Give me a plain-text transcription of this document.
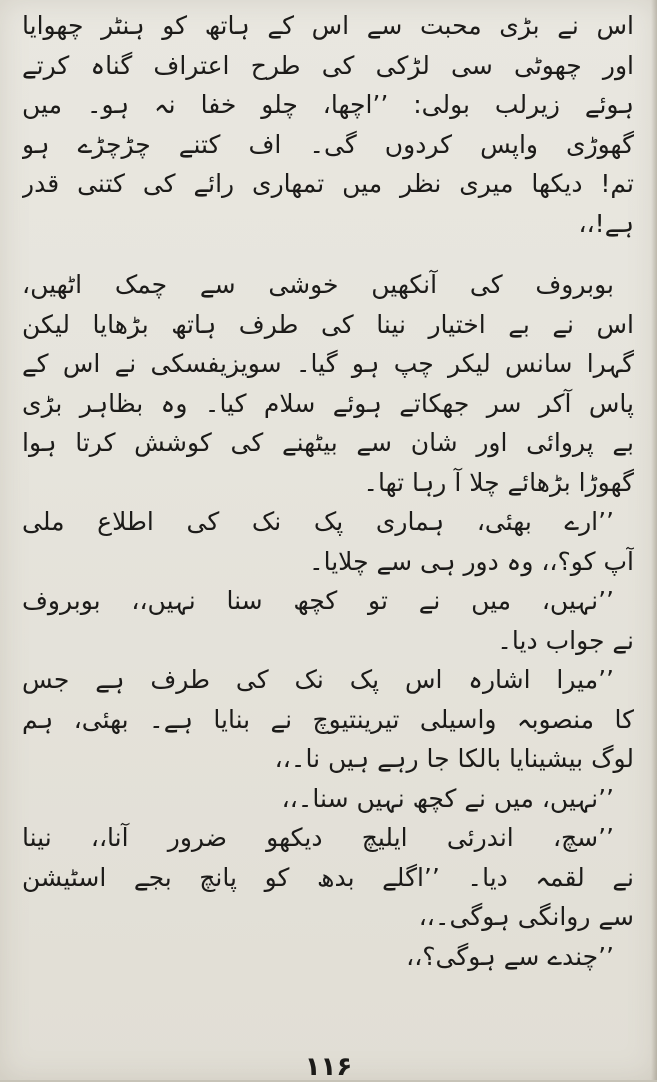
اس نے بڑی محبت سے اس کے ہاتھ کو ہنٹر چھوایا
اور چھوٹی سی لڑکی کی طرح اعتراف گناہ کرتے
ہوئے زیرلب بولی: ’’اچھا، چلو خفا نہ ہو۔ میں
گھوڑی واپس کردوں گی۔ اف کتنے چڑچڑے ہو
تم! دیکھا میری نظر میں تمھاری رائے کی کتنی قدر
ہے!،،
بوبروف کی آنکھیں خوشی سے چمک اٹھیں،
اس نے بے اختیار نینا کی طرف ہاتھ بڑھایا لیکن
گہرا سانس لیکر چپ ہو گیا۔ سویزیفسکی نے اس کے
پاس آکر سر جھکاتے ہوئے سلام کیا۔ وہ بظاہر بڑی
بے پروائی اور شان سے بیٹھنے کی کوشش کرتا ہوا
گھوڑا بڑھائے چلا آ رہا تھا۔
’’ارے بھئی، ہماری پک نک کی اطلاع ملی
آپ کو؟،، وہ دور ہی سے چلایا۔
’’نہیں، میں نے تو کچھ سنا نہیں،، بوبروف
نے جواب دیا۔
’’میرا اشارہ اس پک نک کی طرف ہے جس
کا منصوبہ واسیلی تیرینتیوچ نے بنایا ہے۔ بھئی، ہم
لوگ بیشینایا بالکا جا رہے ہیں نا۔،،
’’نہیں، میں نے کچھ نہیں سنا۔،،
’’سچ، اندرئی ایلیچ دیکھو ضرور آنا،، نینا
نے لقمہ دیا۔ ’’اگلے بدھ کو پانچ بجے اسٹیشن
سے روانگی ہوگی۔،،
’’چندے سے ہوگی؟،،
۱۱۶
